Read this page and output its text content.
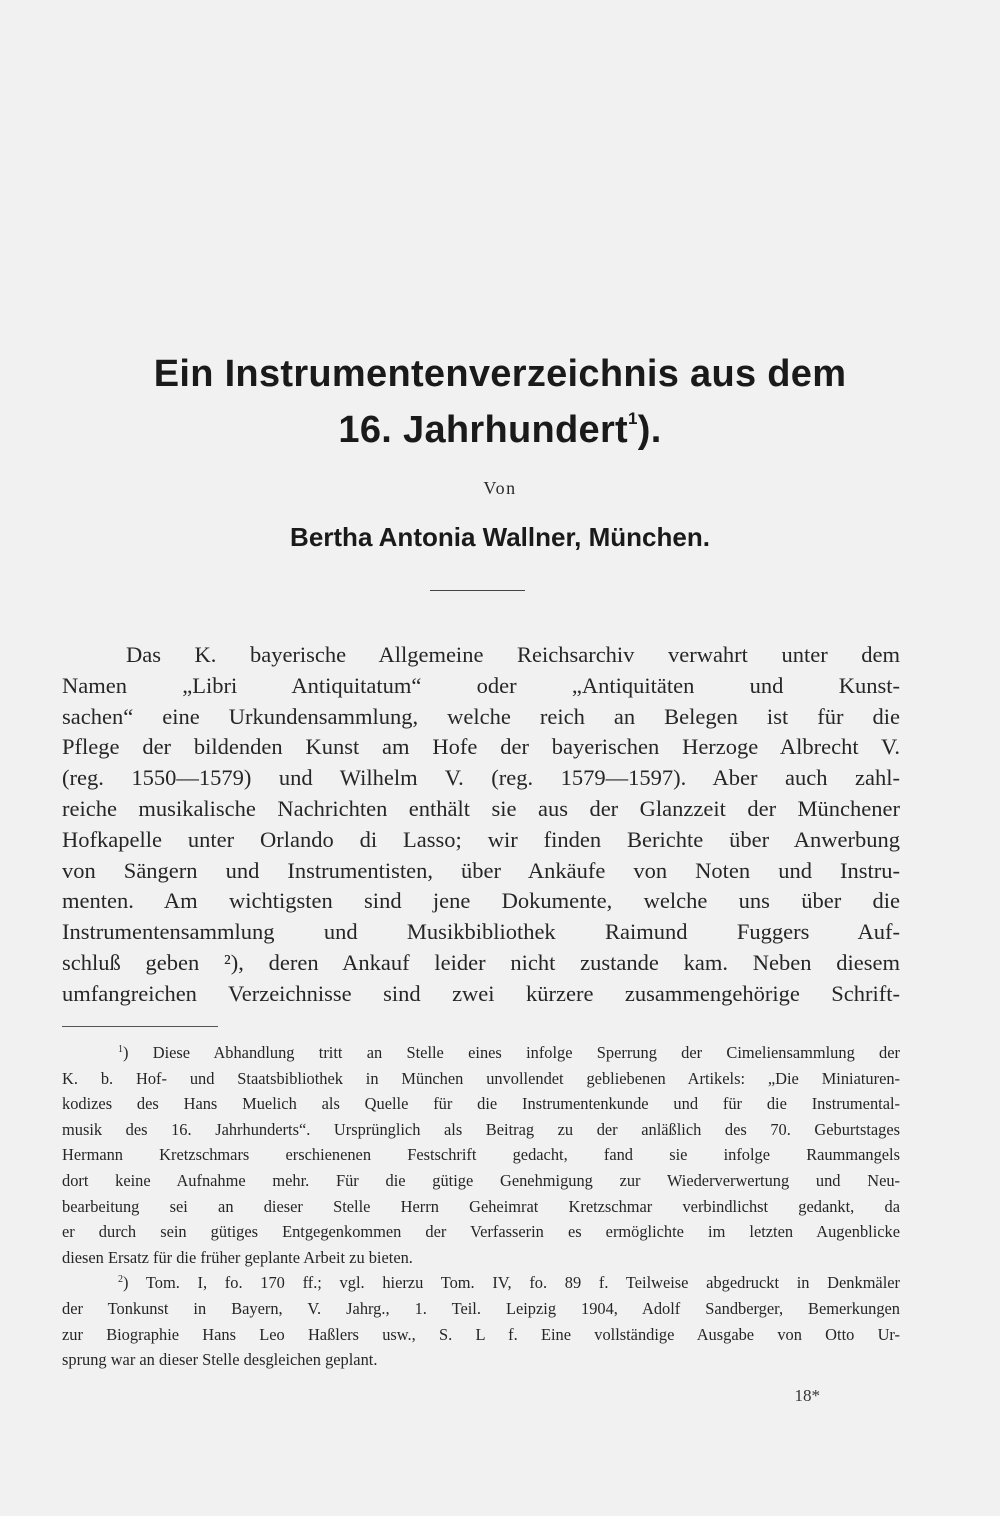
Ein Instrumentenverzeichnis aus dem
16. Jahrhundert$^1$).
Von
Bertha Antonia Wallner, München.
Das K. bayerische Allgemeine Reichsarchiv verwahrt unter dem
Namen „Libri Antiquitatum“ oder „Antiquitäten und Kunst-
sachen“ eine Urkundensammlung, welche reich an Belegen ist für die
Pflege der bildenden Kunst am Hofe der bayerischen Herzoge Albrecht V.
(reg. 1550—1579) und Wilhelm V. (reg. 1579—1597). Aber auch zahl-
reiche musikalische Nachrichten enthält sie aus der Glanzzeit der Münchener
Hofkapelle unter Orlando di Lasso; wir finden Berichte über Anwerbung
von Sängern und Instrumentisten, über Ankäufe von Noten und Instru-
menten. Am wichtigsten sind jene Dokumente, welche uns über die
Instrumentensammlung und Musikbibliothek Raimund Fuggers Auf-
schluß geben ²), deren Ankauf leider nicht zustande kam. Neben diesem
umfangreichen Verzeichnisse sind zwei kürzere zusammengehörige Schrift-
$^1$) Diese Abhandlung tritt an Stelle eines infolge Sperrung der Cimeliensammlung der
K. b. Hof- und Staatsbibliothek in München unvollendet gebliebenen Artikels: „Die Miniaturen-
kodizes des Hans Muelich als Quelle für die Instrumentenkunde und für die Instrumental-
musik des 16. Jahrhunderts“. Ursprünglich als Beitrag zu der anläßlich des 70. Geburtstages
Hermann Kretzschmars erschienenen Festschrift gedacht, fand sie infolge Raummangels
dort keine Aufnahme mehr. Für die gütige Genehmigung zur Wiederverwertung und Neu-
bearbeitung sei an dieser Stelle Herrn Geheimrat Kretzschmar verbindlichst gedankt, da
er durch sein gütiges Entgegenkommen der Verfasserin es ermöglichte im letzten Augenblicke
diesen Ersatz für die früher geplante Arbeit zu bieten.
$^2$) Tom. I, fo. 170 ff.; vgl. hierzu Tom. IV, fo. 89 f. Teilweise abgedruckt in Denkmäler
der Tonkunst in Bayern, V. Jahrg., 1. Teil. Leipzig 1904, Adolf Sandberger, Bemerkungen
zur Biographie Hans Leo Haßlers usw., S. L f. Eine vollständige Ausgabe von Otto Ur-
sprung war an dieser Stelle desgleichen geplant.
18*
